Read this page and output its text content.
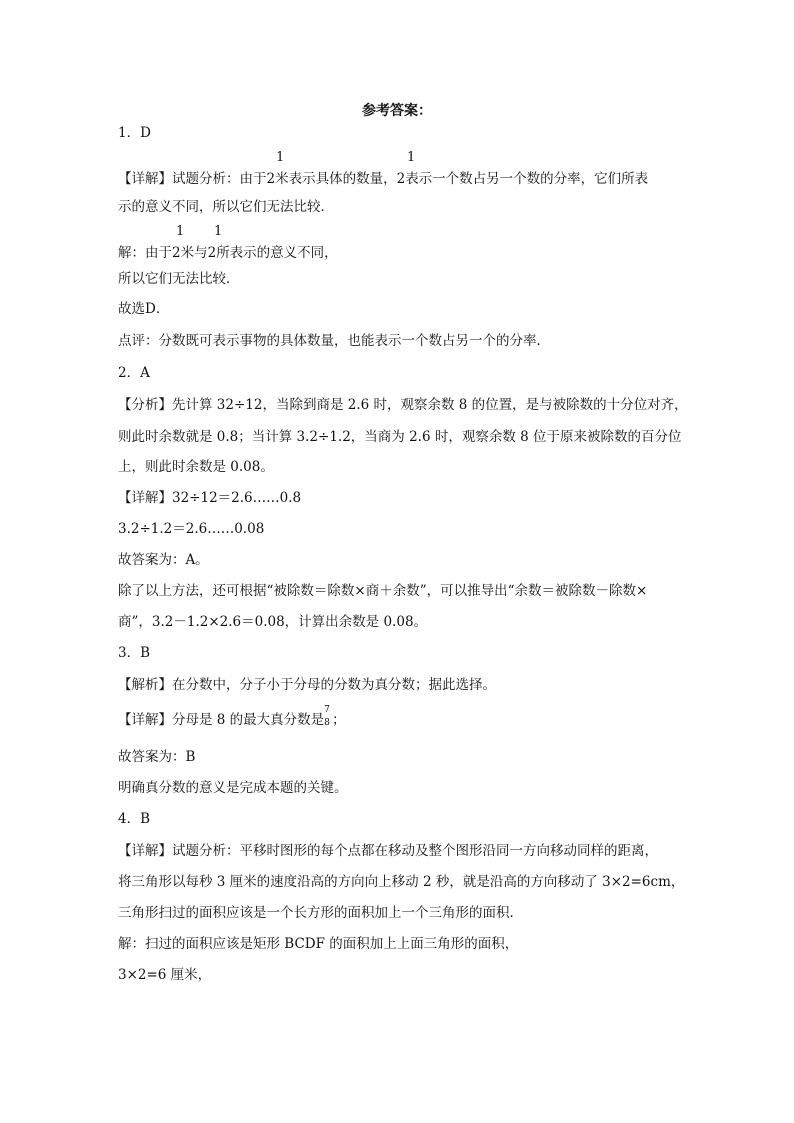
参考答案：
1．D
1	1
【详解】试题分析：由于2米表示具体的数量，2表示一个数占另一个数的分率，它们所表
示的意义不同，所以它们无法比较．
1 1
解：由于2米与2所表示的意义不同，
所以它们无法比较．
故选D．
点评：分数既可表示事物的具体数量，也能表示一个数占另一个的分率．
2．A
【分析】先计算 32÷12，当除到商是 2.6 时，观察余数 8 的位置，是与被除数的十分位对齐，
则此时余数就是 0.8；当计算 3.2÷1.2，当商为 2.6 时，观察余数 8 位于原来被除数的百分位
上，则此时余数是 0.08。
【详解】32÷12＝2.6……0.8
3.2÷1.2＝2.6……0.08
故答案为：A。
除了以上方法，还可根据“被除数＝除数×商＋余数”，可以推导出“余数＝被除数－除数×
商”，3.2－1.2×2.6＝0.08，计算出余数是 0.08。
3．B
【解析】在分数中，分子小于分母的分数为真分数；据此选择。
【详解】分母是 8 的最大真分数是
7
8 ；
故答案为：B
明确真分数的意义是完成本题的关键。
4．B
【详解】试题分析：平移时图形的每个点都在移动及整个图形沿同一方向移动同样的距离，
将三角形以每秒 3 厘米的速度沿高的方向向上移动 2 秒，就是沿高的方向移动了 3×2=6cm，
三角形扫过的面积应该是一个长方形的面积加上一个三角形的面积．
解：扫过的面积应该是矩形 BCDF 的面积加上上面三角形的面积，
3×2=6 厘米，
